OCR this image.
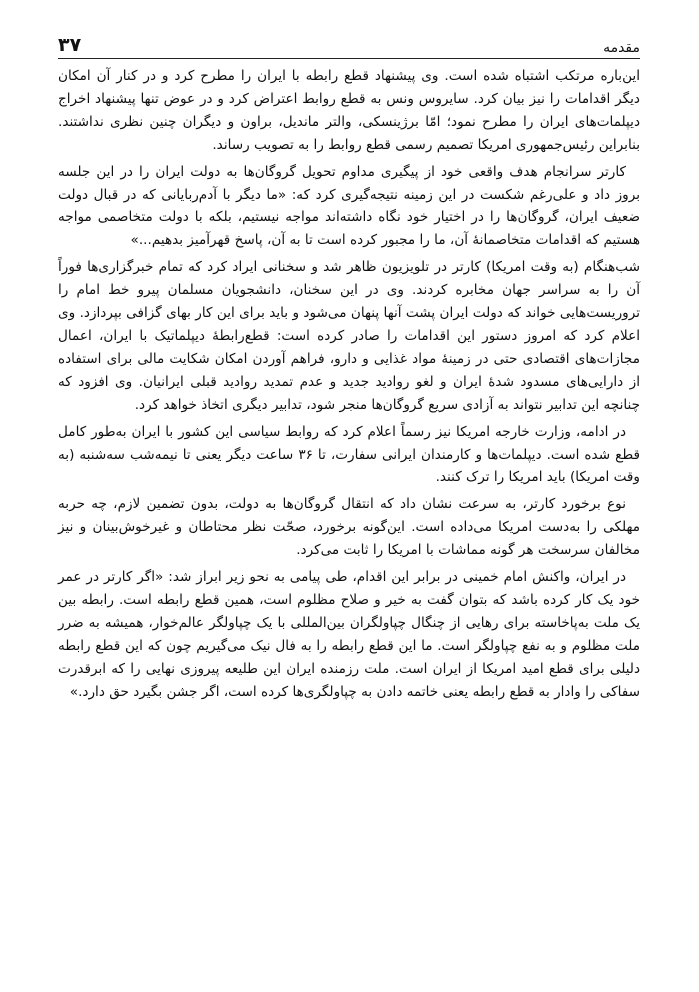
مقدمه
۳۷

این‌باره مرتکب اشتباه شده است. وی پیشنهاد قطع رابطه با ایران را مطرح کرد و در کنار آن امکان دیگر اقدامات را نیز بیان کرد. سایروس ونس به قطع روابط اعتراض کرد و در عوض تنها پیشنهاد اخراج دیپلمات‌های ایران را مطرح نمود؛ امّا برژینسکی، والتر ماندیل، براون و دیگران چنین نظری نداشتند. بنابراین رئیس‌جمهوری امریکا تصمیم رسمی قطع روابط را به تصویب رساند.

کارتر سرانجام هدف واقعی خود از پیگیری مداوم تحویل گروگان‌ها به دولت ایران را در این جلسه بروز داد و علی‌رغم شکست در این زمینه نتیجه‌گیری کرد که: «ما دیگر با آدم‌ربایانی که در قبال دولت ضعیف ایران، گروگان‌ها را در اختیار خود نگاه داشته‌اند مواجه نیستیم، بلکه با دولت متخاصمی مواجه هستیم که اقدامات متخاصمانهٔ آن، ما را مجبور کرده است تا به آن، پاسخ قهرآمیز بدهیم...»

شب‌هنگام (به وقت امریکا) کارتر در تلویزیون ظاهر شد و سخنانی ایراد کرد که تمام خبرگزاری‌ها فوراً آن را به سراسر جهان مخابره کردند. وی در این سخنان، دانشجویان مسلمان پیرو خط امام را تروریست‌هایی خواند که دولت ایران پشت آنها پنهان می‌شود و باید برای این کار بهای گزافی بپردازد. وی اعلام کرد که امروز دستور این اقدامات را صادر کرده است: قطع‌رابطهٔ دیپلماتیک با ایران، اعمال مجازات‌های اقتصادی حتی در زمینهٔ مواد غذایی و دارو، فراهم آوردن امکان شکایت مالی برای استفاده از دارایی‌های مسدود شدهٔ ایران و لغو روادید جدید و عدم تمدید روادید قبلی ایرانیان. وی افزود که چنانچه این تدابیر نتواند به آزادی سریع گروگان‌ها منجر شود، تدابیر دیگری اتخاذ خواهد کرد.

در ادامه، وزارت خارجه امریکا نیز رسماً اعلام کرد که روابط سیاسی این کشور با ایران به‌طور کامل قطع شده است. دیپلمات‌ها و کارمندان ایرانی سفارت، تا ۳۶ ساعت دیگر یعنی تا نیمه‌شب سه‌شنبه (به وقت امریکا) باید امریکا را ترک کنند.

نوع برخورد کارتر، به سرعت نشان داد که انتقال گروگان‌ها به دولت، بدون تضمین لازم، چه حربه مهلکی را به‌دست امریکا می‌داده است. این‌گونه برخورد، صحّت نظر محتاطان و غیرخوش‌بینان و نیز مخالفان سرسخت هر گونه مماشات با امریکا را ثابت می‌کرد.

در ایران، واکنش امام خمینی در برابر این اقدام، طی پیامی به نحو زیر ابراز شد: «اگر کارتر در عمر خود یک کار کرده باشد که بتوان گفت به خیر و صلاح مظلوم است، همین قطع رابطه است. رابطه بین یک ملت به‌پاخاسته برای رهایی از چنگال چپاولگران بین‌المللی با یک چپاولگر عالم‌خوار، همیشه به ضرر ملت مظلوم و به نفع چپاولگر است. ما این قطع رابطه را به فال نیک می‌گیریم چون که این قطع رابطه دلیلی برای قطع امید امریکا از ایران است. ملت رزمنده ایران این طلیعه پیروزی نهایی را که ابرقدرت سفاکی را وادار به قطع رابطه یعنی خاتمه دادن به چپاولگری‌ها کرده است، اگر جشن بگیرد حق دارد.»
